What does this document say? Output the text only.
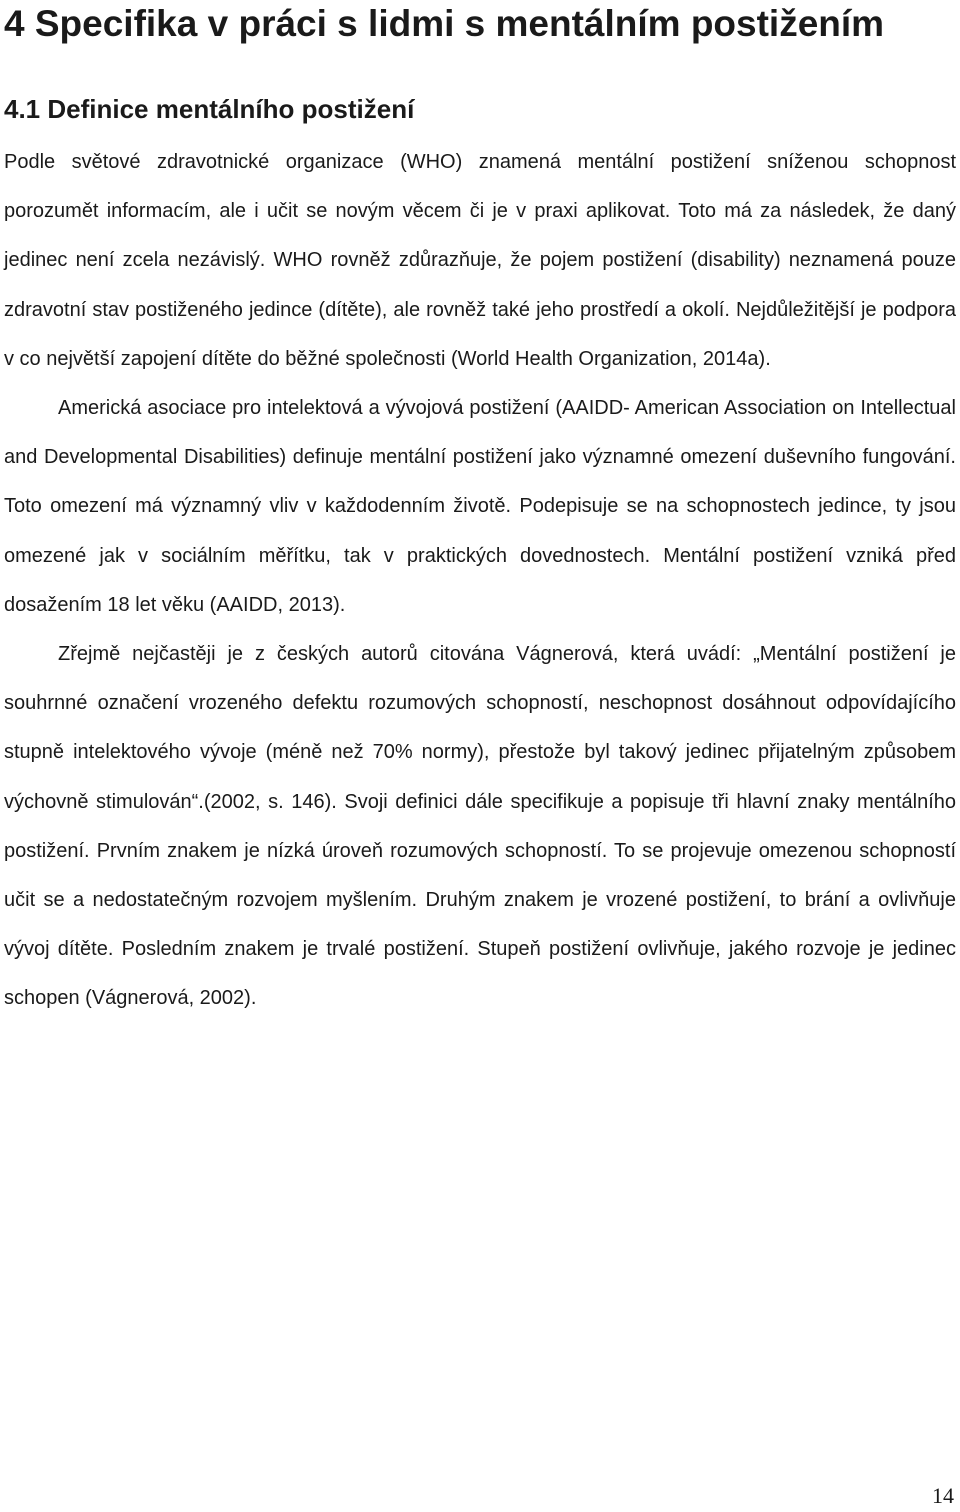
4 Specifika v práci s lidmi s mentálním postižením
4.1 Definice mentálního postižení

Podle světové zdravotnické organizace (WHO) znamená mentální postižení sníženou schopnost porozumět informacím, ale i učit se novým věcem či je v praxi aplikovat. Toto má za následek, že daný jedinec není zcela nezávislý. WHO rovněž zdůrazňuje, že pojem postižení (disability) neznamená pouze zdravotní stav postiženého jedince (dítěte), ale rovněž také jeho prostředí a okolí. Nejdůležitější je podpora v co největší zapojení dítěte do běžné společnosti (World Health Organization, 2014a).

Americká asociace pro intelektová a vývojová postižení (AAIDD- American Association on Intellectual and Developmental Disabilities) definuje mentální postižení jako významné omezení duševního fungování. Toto omezení má významný vliv v každodenním životě. Podepisuje se na schopnostech jedince, ty jsou omezené jak v sociálním měřítku, tak v praktických dovednostech. Mentální postižení vzniká před dosažením 18 let věku (AAIDD, 2013).

Zřejmě nejčastěji je z českých autorů citována Vágnerová, která uvádí: „Mentální postižení je souhrnné označení vrozeného defektu rozumových schopností, neschopnost dosáhnout odpovídajícího stupně intelektového vývoje (méně než 70% normy), přestože byl takový jedinec přijatelným způsobem výchovně stimulován“.(2002, s. 146). Svoji definici dále specifikuje a popisuje tři hlavní znaky mentálního postižení. Prvním znakem je nízká úroveň rozumových schopností. To se projevuje omezenou schopností učit se a nedostatečným rozvojem myšlením. Druhým znakem je vrozené postižení, to brání a ovlivňuje vývoj dítěte. Posledním znakem je trvalé postižení. Stupeň postižení ovlivňuje, jakého rozvoje je jedinec schopen (Vágnerová, 2002).

14
